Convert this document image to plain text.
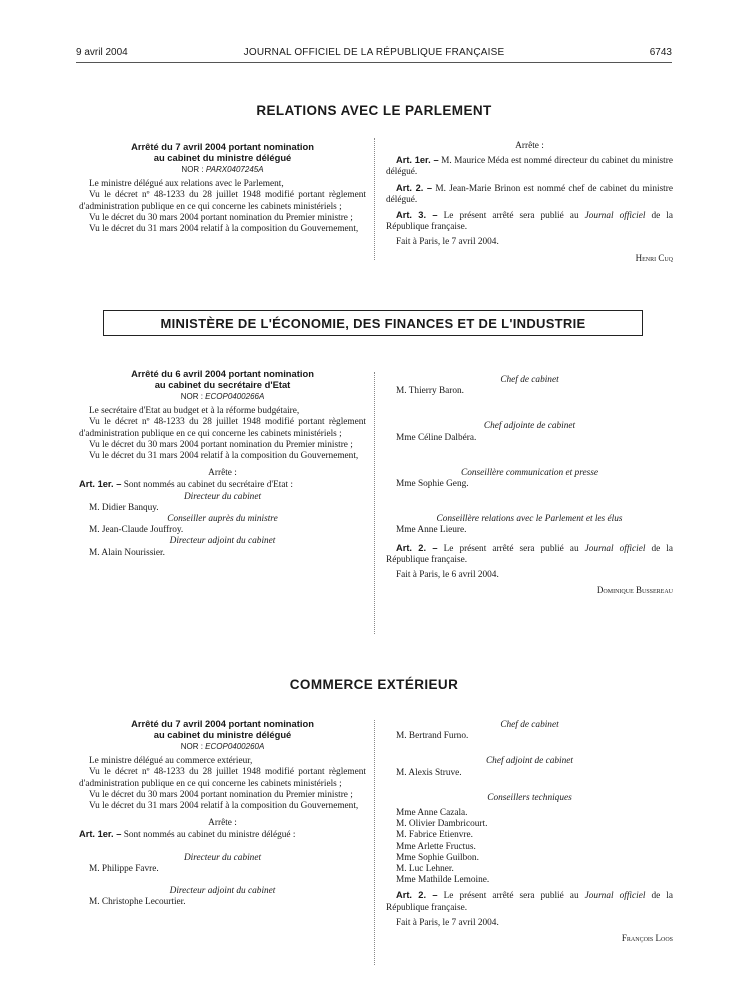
9 avril 2004	JOURNAL OFFICIEL DE LA RÉPUBLIQUE FRANÇAISE	6743
RELATIONS AVEC LE PARLEMENT
Arrêté du 7 avril 2004 portant nomination
au cabinet du ministre délégué
NOR : PARX0407245A

Le ministre délégué aux relations avec le Parlement,

Vu le décret nº 48-1233 du 28 juillet 1948 modifié portant règlement d'administration publique en ce qui concerne les cabinets ministériels ;

Vu le décret du 30 mars 2004 portant nomination du Premier ministre ;

Vu le décret du 31 mars 2004 relatif à la composition du Gouvernement,

Arrête :

Art. 1er. – M. Maurice Méda est nommé directeur du cabinet du ministre délégué.

Art. 2. – M. Jean-Marie Brinon est nommé chef de cabinet du ministre délégué.

Art. 3. – Le présent arrêté sera publié au Journal officiel de la République française.

Fait à Paris, le 7 avril 2004.

Henri Cuq

MINISTÈRE DE L'ÉCONOMIE, DES FINANCES ET DE L'INDUSTRIE
Arrêté du 6 avril 2004 portant nomination
au cabinet du secrétaire d'Etat
NOR : ECOP0400266A

Le secrétaire d'Etat au budget et à la réforme budgétaire,

Vu le décret nº 48-1233 du 28 juillet 1948 modifié portant règlement d'administration publique en ce qui concerne les cabinets ministériels ;

Vu le décret du 30 mars 2004 portant nomination du Premier ministre ;

Vu le décret du 31 mars 2004 relatif à la composition du Gouvernement,

Arrête :

Art. 1er. – Sont nommés au cabinet du secrétaire d'Etat :

Directeur du cabinet

M. Didier Banquy.

Conseiller auprès du ministre

M. Jean-Claude Jouffroy.

Directeur adjoint du cabinet

M. Alain Nourissier.

Chef de cabinet

M. Thierry Baron.

Chef adjointe de cabinet

Mme Céline Dalbéra.

Conseillère communication et presse

Mme Sophie Geng.

Conseillère relations avec le Parlement et les élus

Mme Anne Lieure.

Art. 2. – Le présent arrêté sera publié au Journal officiel de la République française.

Fait à Paris, le 6 avril 2004.

Dominique Bussereau

COMMERCE EXTÉRIEUR
Arrêté du 7 avril 2004 portant nomination
au cabinet du ministre délégué
NOR : ECOP0400260A

Le ministre délégué au commerce extérieur,

Vu le décret nº 48-1233 du 28 juillet 1948 modifié portant règlement d'administration publique en ce qui concerne les cabinets ministériels ;

Vu le décret du 30 mars 2004 portant nomination du Premier ministre ;

Vu le décret du 31 mars 2004 relatif à la composition du Gouvernement,

Arrête :

Art. 1er. – Sont nommés au cabinet du ministre délégué :

Directeur du cabinet

M. Philippe Favre.

Directeur adjoint du cabinet

M. Christophe Lecourtier.

Chef de cabinet

M. Bertrand Furno.

Chef adjoint de cabinet

M. Alexis Struve.

Conseillers techniques

Mme Anne Cazala.

M. Olivier Dambricourt.

M. Fabrice Etienvre.

Mme Arlette Fructus.

Mme Sophie Guilbon.

M. Luc Lehner.

Mme Mathilde Lemoine.

Art. 2. – Le présent arrêté sera publié au Journal officiel de la République française.

Fait à Paris, le 7 avril 2004.

François Loos
